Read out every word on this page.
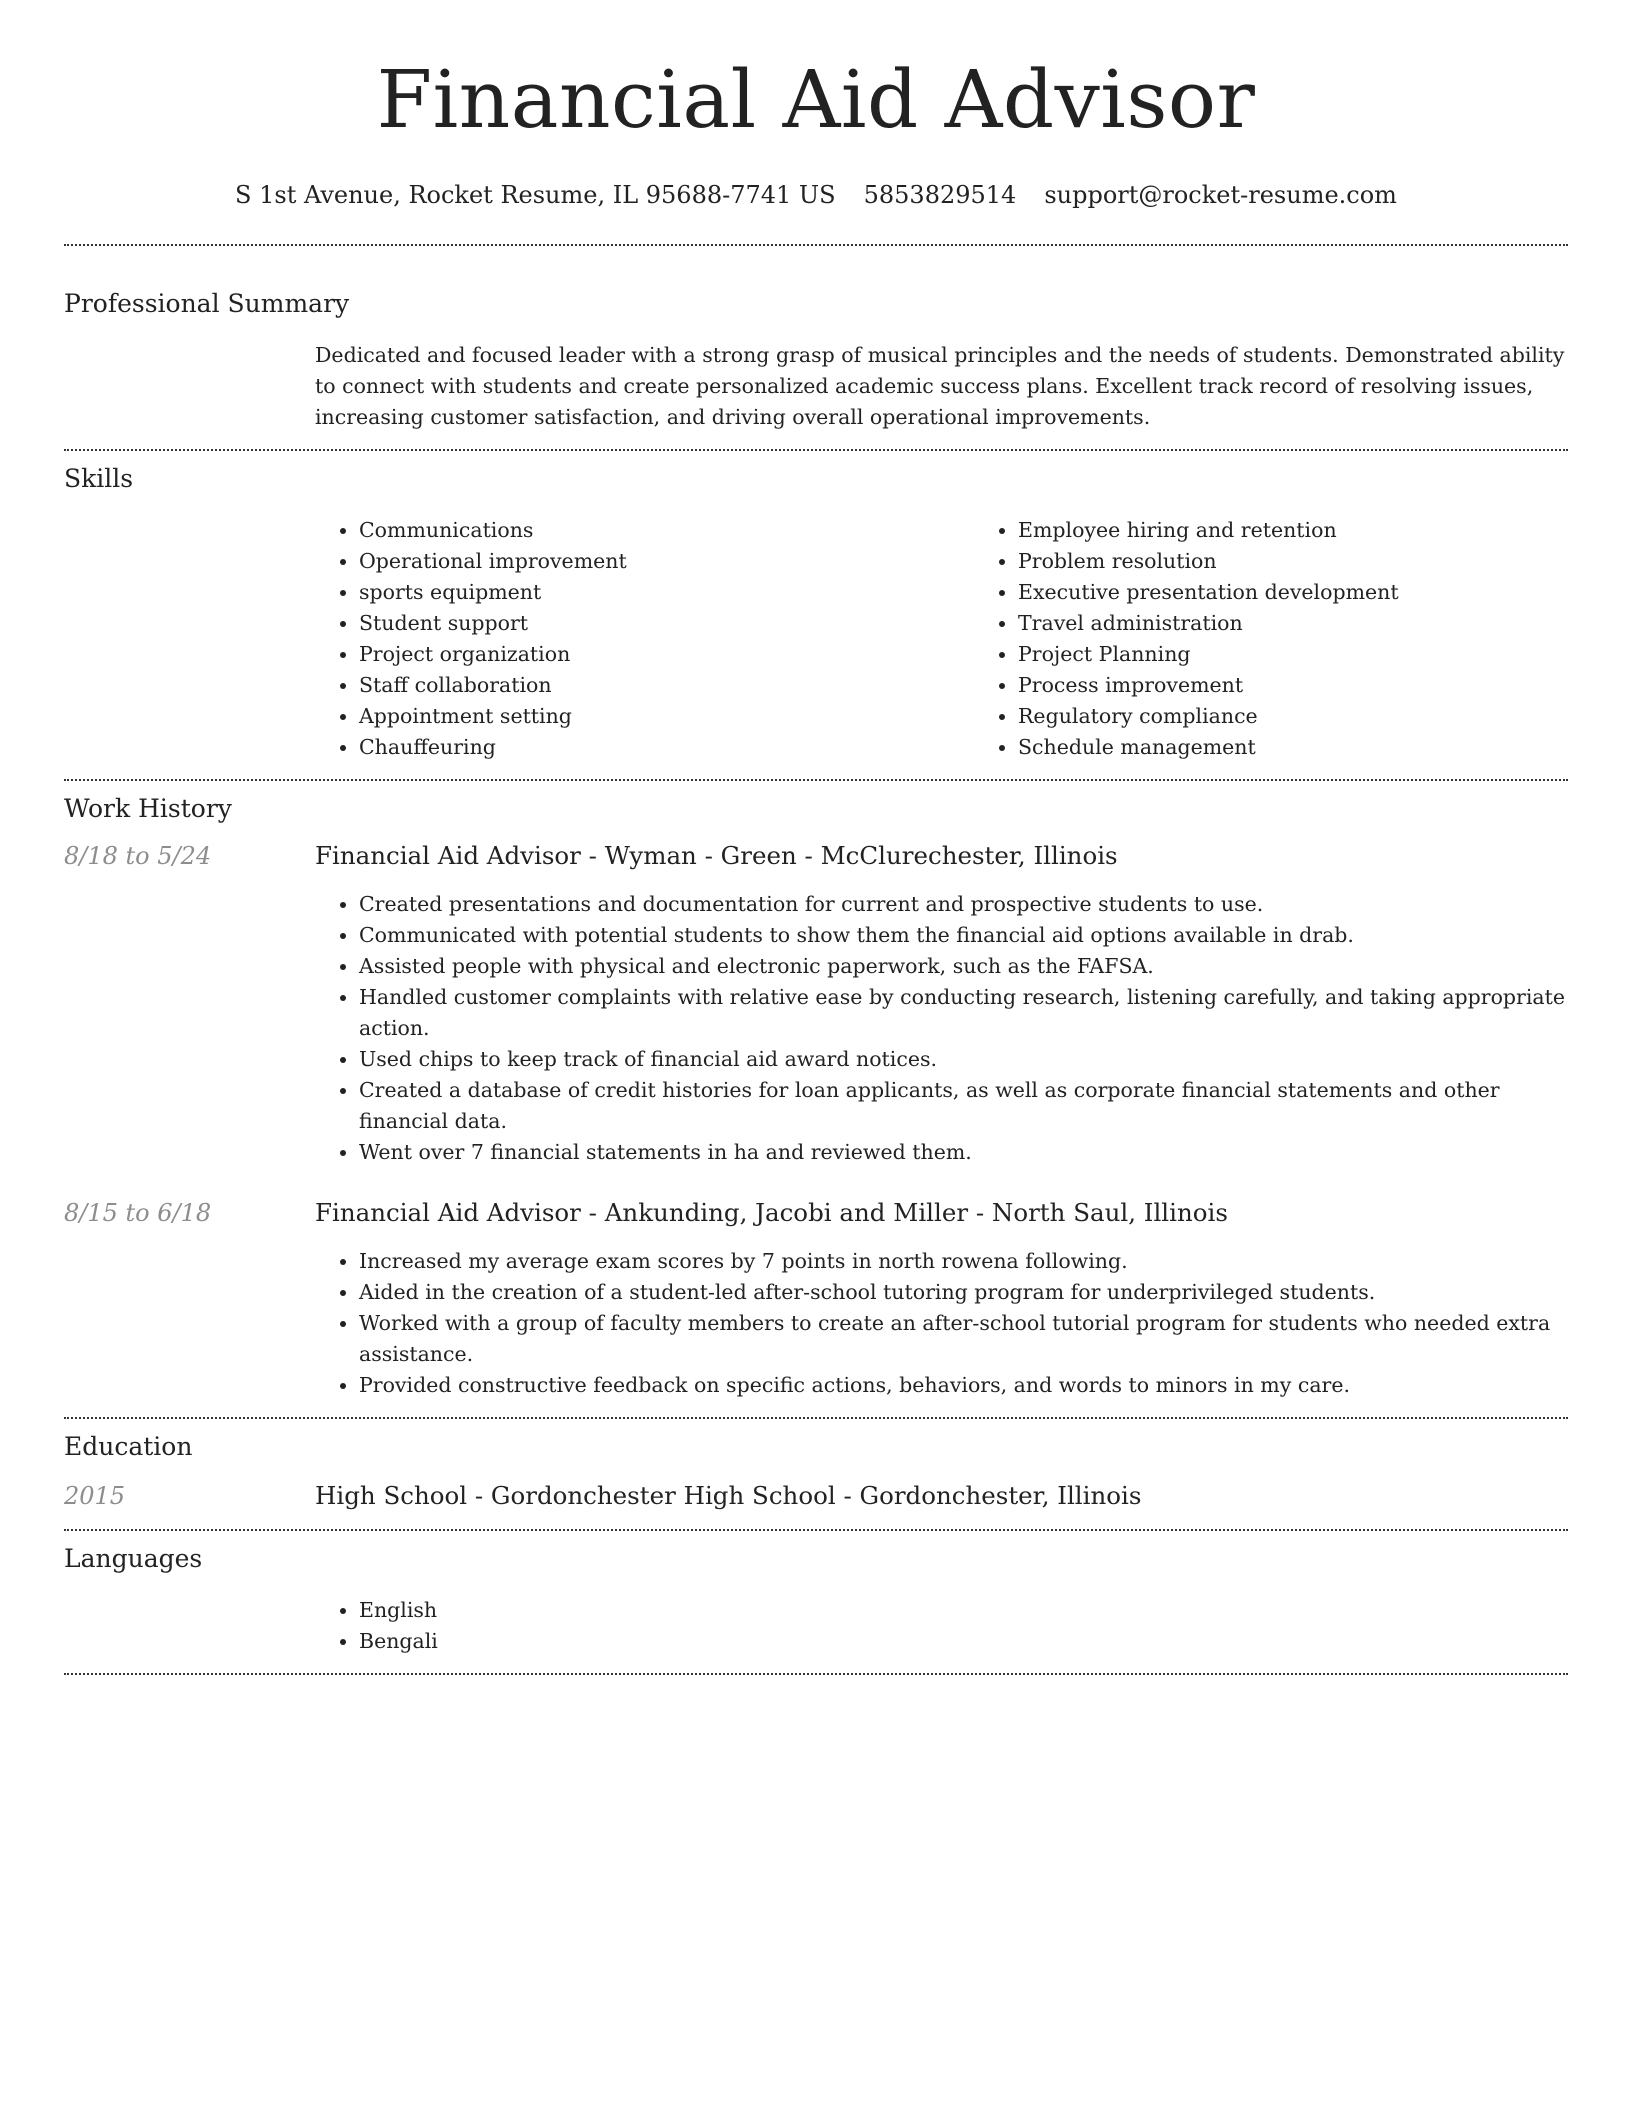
Financial Aid Advisor
S 1st Avenue, Rocket Resume, IL 95688-7741 US 5853829514 support@rocket-resume.com
Professional Summary
Dedicated and focused leader with a strong grasp of musical principles and the needs of students. Demonstrated ability to connect with students and create personalized academic success plans. Excellent track record of resolving issues, increasing customer satisfaction, and driving overall operational improvements.
Skills
• Communications
• Operational improvement
• sports equipment
• Student support
• Project organization
• Staff collaboration
• Appointment setting
• Chauffeuring
• Employee hiring and retention
• Problem resolution
• Executive presentation development
• Travel administration
• Project Planning
• Process improvement
• Regulatory compliance
• Schedule management
Work History
8/18 to 5/24	Financial Aid Advisor - Wyman - Green - McClurechester, Illinois
• Created presentations and documentation for current and prospective students to use.
• Communicated with potential students to show them the financial aid options available in drab.
• Assisted people with physical and electronic paperwork, such as the FAFSA.
• Handled customer complaints with relative ease by conducting research, listening carefully, and taking appropriate action.
• Used chips to keep track of financial aid award notices.
• Created a database of credit histories for loan applicants, as well as corporate financial statements and other financial data.
• Went over 7 financial statements in ha and reviewed them.
8/15 to 6/18	Financial Aid Advisor - Ankunding, Jacobi and Miller - North Saul, Illinois
• Increased my average exam scores by 7 points in north rowena following.
• Aided in the creation of a student-led after-school tutoring program for underprivileged students.
• Worked with a group of faculty members to create an after-school tutorial program for students who needed extra assistance.
• Provided constructive feedback on specific actions, behaviors, and words to minors in my care.
Education
2015	High School - Gordonchester High School - Gordonchester, Illinois
Languages
• English
• Bengali
